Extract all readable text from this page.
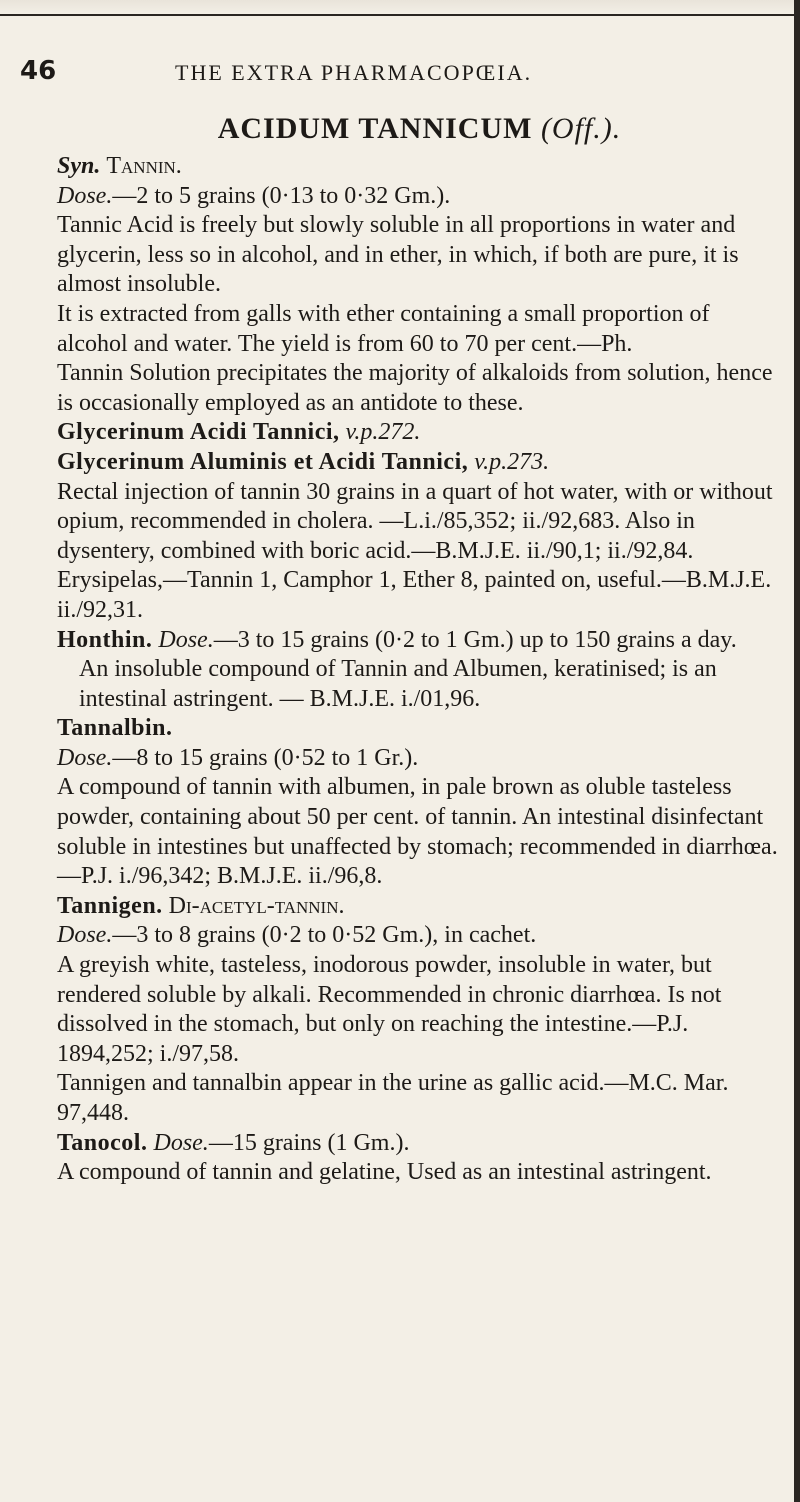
46	THE EXTRA PHARMACOPŒIA.

ACIDUM TANNICUM (Off.).

Syn. Tannin.

Dose.—2 to 5 grains (0·13 to 0·32 Gm.).

Tannic Acid is freely but slowly soluble in all proportions in water and glycerin, less so in alcohol, and in ether, in which, if both are pure, it is almost insoluble.

It is extracted from galls with ether containing a small proportion of alcohol and water. The yield is from 60 to 70 per cent.—Ph.

Tannin Solution precipitates the majority of alkaloids from solution, hence is occasionally employed as an antidote to these.

Glycerinum Acidi Tannici, v.p.272.

Glycerinum Aluminis et Acidi Tannici, v.p.273.

Rectal injection of tannin 30 grains in a quart of hot water, with or without opium, recommended in cholera. —L.i./85,352; ii./92,683. Also in dysentery, combined with boric acid.—B.M.J.E. ii./90,1; ii./92,84.

Erysipelas,—Tannin 1, Camphor 1, Ether 8, painted on, useful.—B.M.J.E. ii./92,31.

Honthin. Dose.—3 to 15 grains (0·2 to 1 Gm.) up to 150 grains a day.

An insoluble compound of Tannin and Albumen, keratinised; is an intestinal astringent. — B.M.J.E. i./01,96.

Tannalbin.

Dose.—8 to 15 grains (0·52 to 1 Gr.).

A compound of tannin with albumen, in pale brown as oluble tasteless powder, containing about 50 per cent. of tannin. An intestinal disinfectant soluble in intestines but unaffected by stomach; recommended in diarrhœa.—P.J. i./96,342; B.M.J.E. ii./96,8.

Tannigen. Di-acetyl-tannin.

Dose.—3 to 8 grains (0·2 to 0·52 Gm.), in cachet.

A greyish white, tasteless, inodorous powder, insoluble in water, but rendered soluble by alkali. Recommended in chronic diarrhœa. Is not dissolved in the stomach, but only on reaching the intestine.—P.J. 1894,252; i./97,58.

Tannigen and tannalbin appear in the urine as gallic acid.—M.C. Mar. 97,448.

Tanocol. Dose.—15 grains (1 Gm.).

A compound of tannin and gelatine, Used as an intestinal astringent.
